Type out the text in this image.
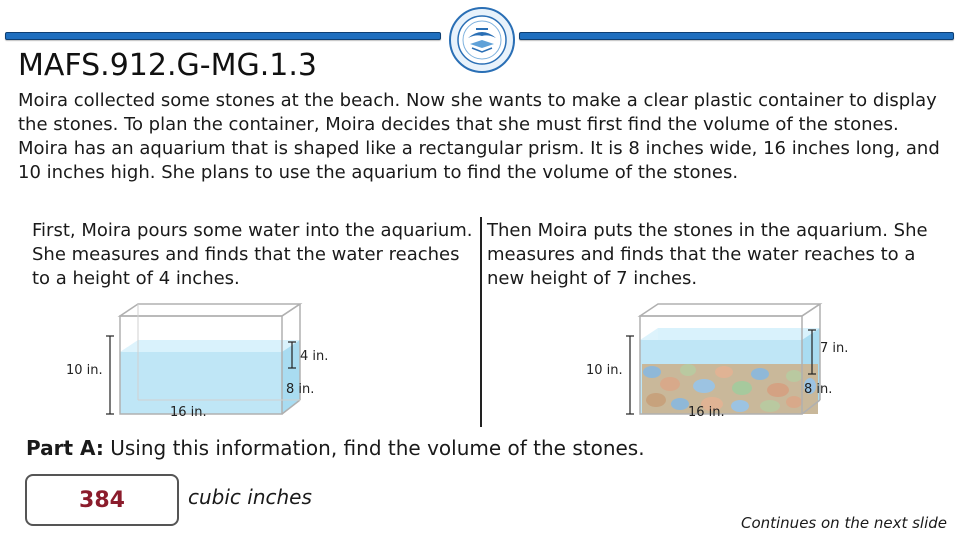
MAFS.912.G-MG.1.3
Moira collected some stones at the beach. Now she wants to make a clear plastic container to display the stones. To plan the container, Moira decides that she must first find the volume of the stones.
Moira has an aquarium that is shaped like a rectangular prism. It is 8 inches wide, 16 inches long, and 10 inches high. She plans to use the aquarium to find the volume of the stones.
First, Moira pours some water into the aquarium. She measures and finds that the water reaches to a height of 4 inches.
Then Moira puts the stones in the aquarium. She measures and finds that the water reaches to a new height of 7 inches.
10 in.
4 in.
8 in.
16 in.
10 in.
7 in.
8 in.
16 in.
Part A: Using this information, find the volume of the stones.
384	cubic inches
Continues on the next slide
